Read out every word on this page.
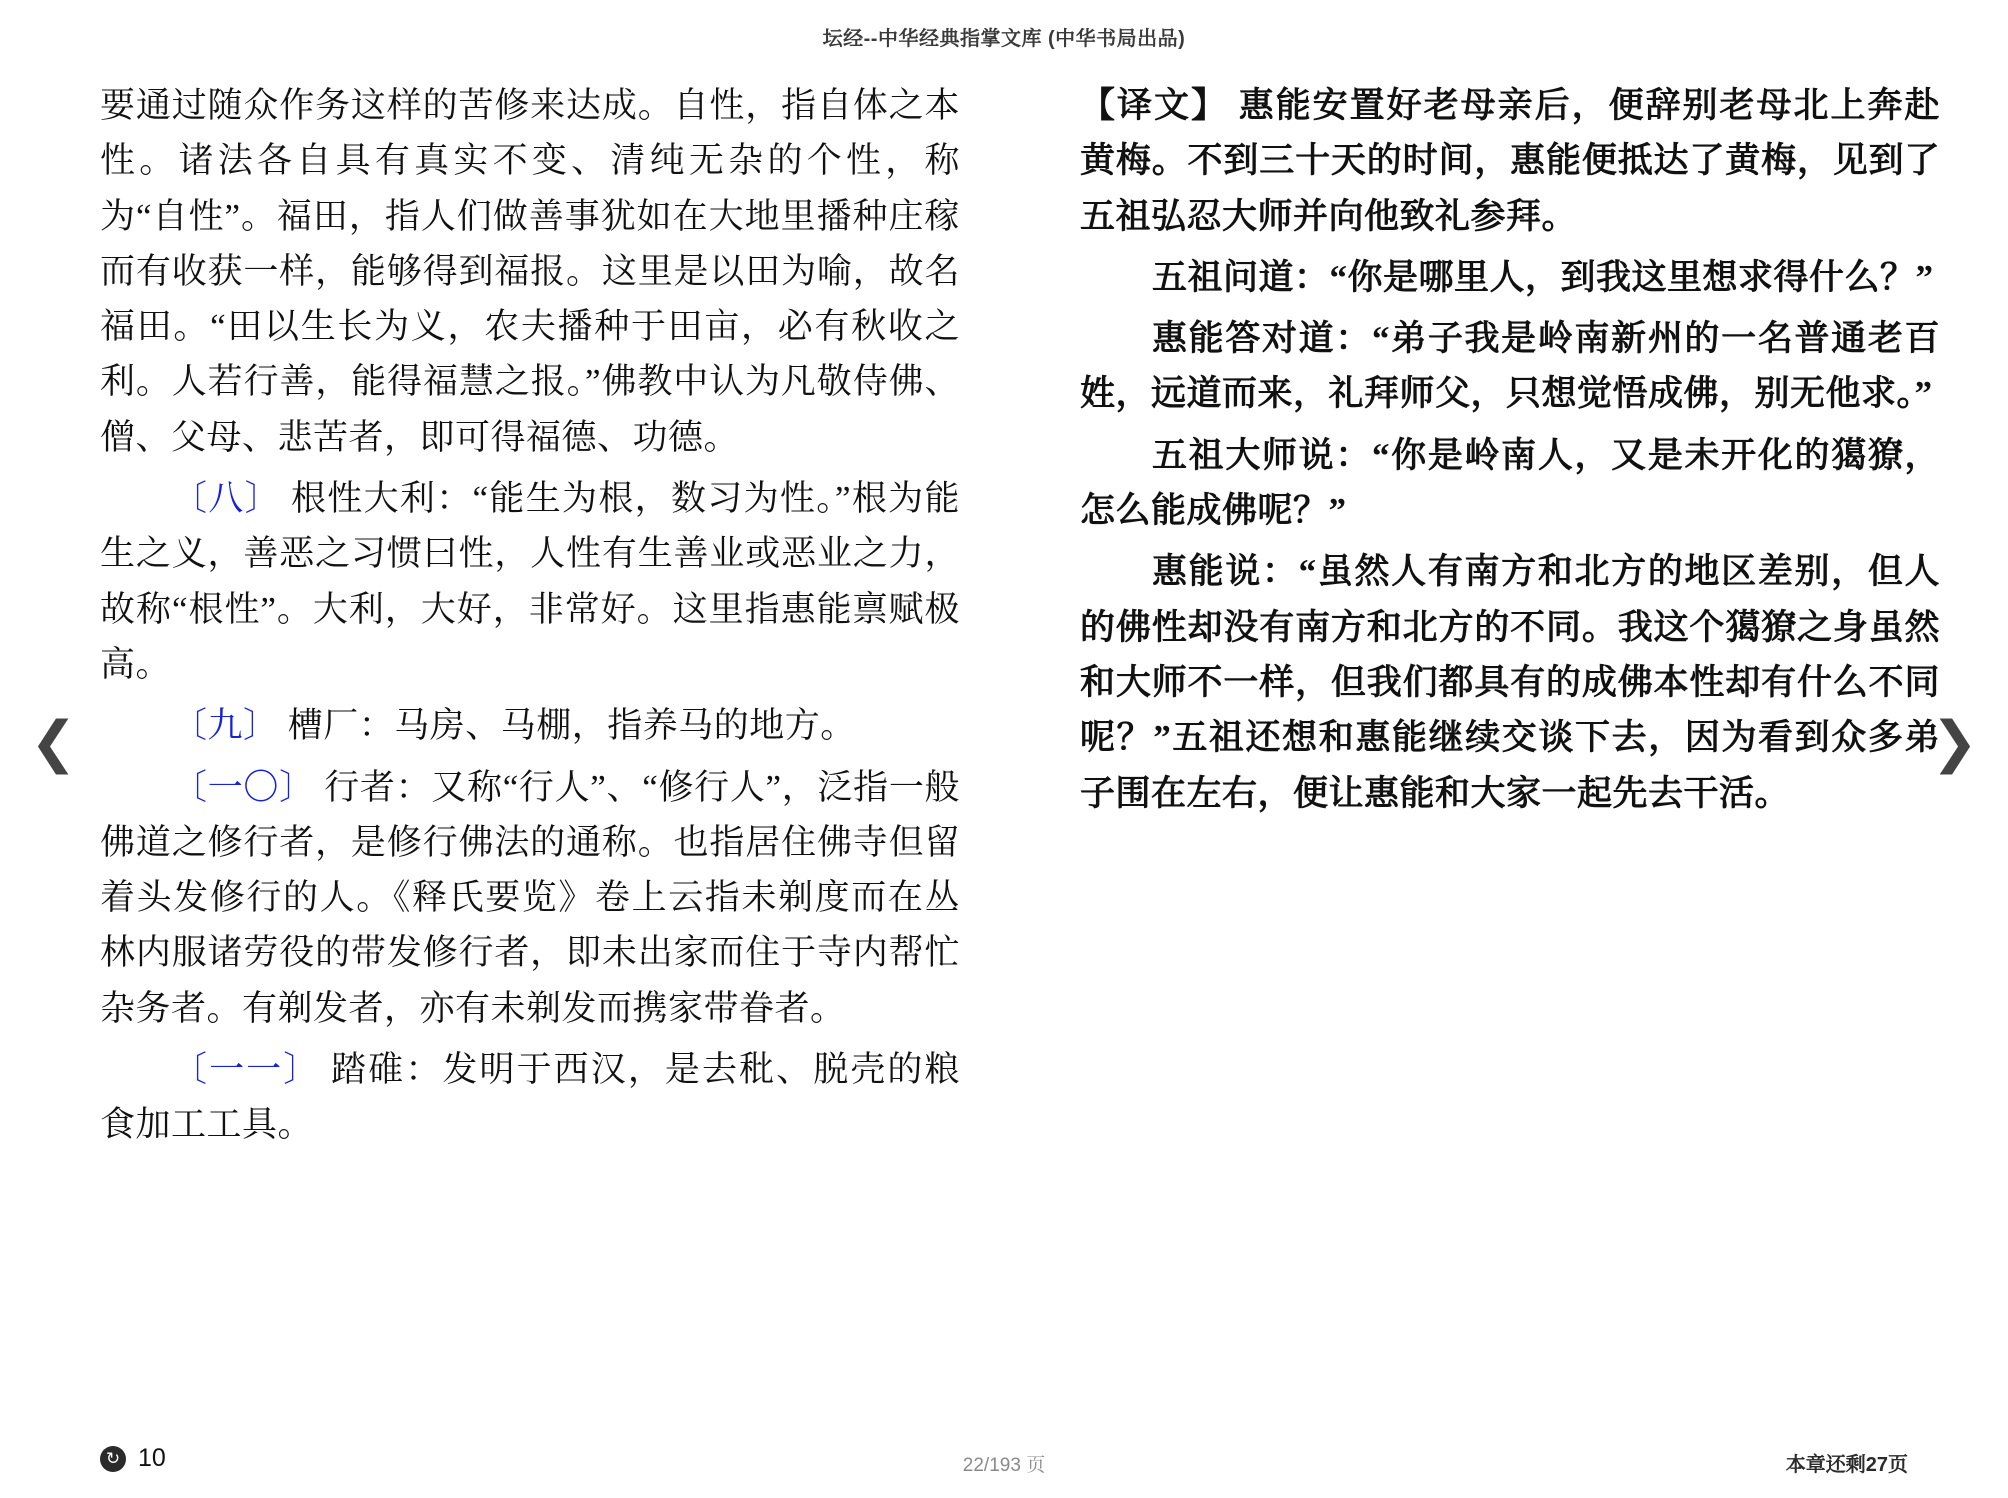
坛经--中华经典指掌文库 (中华书局出品)
❮	❯

要通过随众作务这样的苦修来达成。自性，指自体之本性。诸法各自具有真实不变、清纯无杂的个性，称为“自性”。福田，指人们做善事犹如在大地里播种庄稼而有收获一样，能够得到福报。这里是以田为喻，故名福田。“田以生长为义，农夫播种于田亩，必有秋收之利。人若行善，能得福慧之报。”佛教中认为凡敬侍佛、僧、父母、悲苦者，即可得福德、功德。

〔八〕 根性大利：“能生为根，数习为性。”根为能生之义，善恶之习惯曰性，人性有生善业或恶业之力，故称“根性”。大利，大好，非常好。这里指惠能禀赋极高。

〔九〕 槽厂：马房、马棚，指养马的地方。

〔一〇〕 行者：又称“行人”、“修行人”，泛指一般佛道之修行者，是修行佛法的通称。也指居住佛寺但留着头发修行的人。《释氏要览》卷上云指未剃度而在丛林内服诸劳役的带发修行者，即未出家而住于寺内帮忙杂务者。有剃发者，亦有未剃发而携家带眷者。

〔一一〕 踏碓：发明于西汉，是去秕、脱壳的粮食加工工具。

【译文】 惠能安置好老母亲后，便辞别老母北上奔赴黄梅。不到三十天的时间，惠能便抵达了黄梅，见到了五祖弘忍大师并向他致礼参拜。

五祖问道：“你是哪里人，到我这里想求得什么？”

惠能答对道：“弟子我是岭南新州的一名普通老百姓，远道而来，礼拜师父，只想觉悟成佛，别无他求。”

五祖大师说：“你是岭南人，又是未开化的獦獠，怎么能成佛呢？”

惠能说：“虽然人有南方和北方的地区差别，但人的佛性却没有南方和北方的不同。我这个獦獠之身虽然和大师不一样，但我们都具有的成佛本性却有什么不同呢？”五祖还想和惠能继续交谈下去，因为看到众多弟子围在左右，便让惠能和大家一起先去干活。

↻ 10	22/193 页	本章还剩27页
